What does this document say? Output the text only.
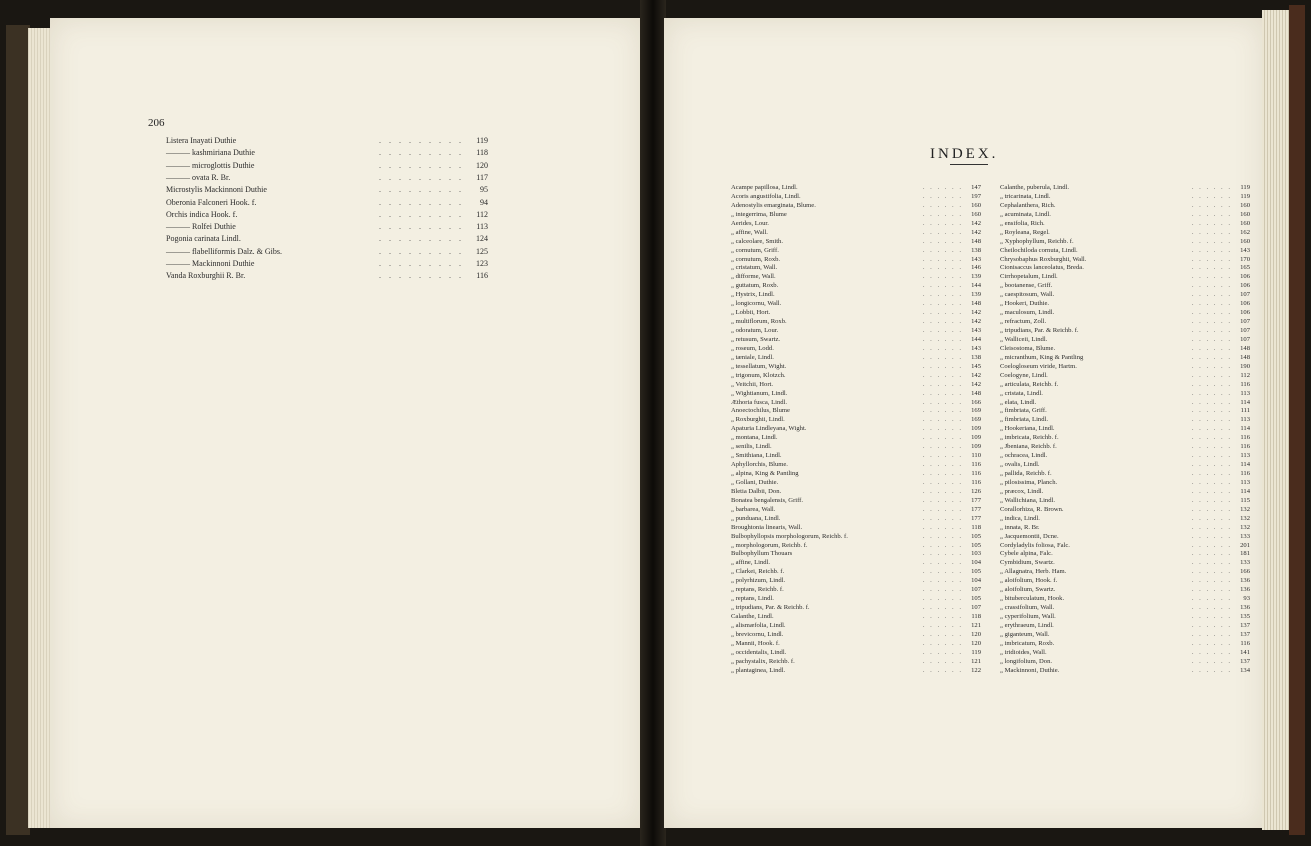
206
. . . . . . . . .
Listera Inayati Duthie	119
. . . . . . . . .
——— kashmiriana Duthie	118
. . . . . . . . .
——— microglottis Duthie	120
. . . . . . . . .
——— ovata R. Br.	117
. . . . . . . . .
Microstylis Mackinnoni Duthie	95
. . . . . . . . .
Oberonia Falconeri Hook. f.	94
. . . . . . . . .
Orchis indica Hook. f.	112
. . . . . . . . .
——— Rolfei Duthie	113
. . . . . . . . .
Pogonia carinata Lindl.	124
. . . . . . . . .
——— flabelliformis Dalz. & Gibs.	125
. . . . . . . . .
——— Mackinnoni Duthie	123
. . . . . . . . .
Vanda Roxburghii R. Br.	116
INDEX.
. . . . . .
Acampe papillosa, Lindl.	147
. . . . . .
Acoris angustifolia, Lindl.	197
. . . . . .
Adenostylis emarginata, Blume.	160
. . . . . .
„ integerrima, Blume	160
. . . . . .
Aerides, Lour.	142
. . . . . .
„ affine, Wall.	142
. . . . . .
„ calceolare, Smith.	148
. . . . . .
„ cornutum, Griff.	138
. . . . . .
„ cornutum, Roxb.	143
. . . . . .
„ cristatum, Wall.	146
. . . . . .
„ difforme, Wall.	139
. . . . . .
„ guttatum, Roxb.	144
. . . . . .
„ Hystrix, Lindl.	139
. . . . . .
„ longicornu, Wall.	148
. . . . . .
„ Lobbii, Hort.	142
. . . . . .
„ multiflorum, Roxb.	142
. . . . . .
„ odoratum, Lour.	143
. . . . . .
„ retusum, Swartz.	144
. . . . . .
„ roseum, Lodd.	143
. . . . . .
„ tæniale, Lindl.	138
. . . . . .
„ tessellatum, Wight.	145
. . . . . .
„ trigonum, Klotzch.	142
. . . . . .
„ Veitchii, Hort.	142
. . . . . .
„ Wightianum, Lindl.	148
. . . . . .
Æthoria fusca, Lindl.	166
. . . . . .
Anoectochilus, Blume	169
. . . . . .
„ Roxburghii, Lindl.	169
. . . . . .
Apaturia Lindleyana, Wight.	109
. . . . . .
„ montana, Lindl.	109
. . . . . .
„ senilis, Lindl.	109
. . . . . .
„ Smithiana, Lindl.	110
. . . . . .
Aphyllorchis, Blume.	116
. . . . . .
„ alpina, King & Pantling	116
. . . . . .
„ Gollani, Duthie.	116
. . . . . .
Bletia Dalbii, Don.	126
. . . . . .
Bonatea bengalensis, Griff.	177
. . . . . .
„ barbarea, Wall.	177
. . . . . .
„ punduana, Lindl.	177
. . . . . .
Broughtonia linearis, Wall.	118
. . . . . .
Bulbophyllopsis morphologorum, Reichb. f.	105
. . . . . .
„ morphologorum, Reichb. f.	105
. . . . . .
Bulbophyllum Thouars	103
. . . . . .
„ affine, Lindl.	104
. . . . . .
„ Clarkei, Reichb. f.	105
. . . . . .
„ polyrhizum, Lindl.	104
. . . . . .
„ reptans, Reichb. f.	107
. . . . . .
„ reptans, Lindl.	105
. . . . . .
„ tripudians, Par. & Reichb. f.	107
. . . . . .
Calanthe, Lindl.	118
. . . . . .
„ alismæfolia, Lindl.	121
. . . . . .
„ brevicornu, Lindl.	120
. . . . . .
„ Mannii, Hook. f.	120
. . . . . .
„ occidentalis, Lindl.	119
. . . . . .
„ pachystalix, Reichb. f.	121
. . . . . .
„ plantaginea, Lindl.	122
. . . . . .
Calanthe, puberula, Lindl.	119
. . . . . .
„ tricarinata, Lindl.	119
. . . . . .
Cephalanthera, Rich.	160
. . . . . .
„ acuminata, Lindl.	160
. . . . . .
„ ensifolia, Rich.	160
. . . . . .
„ Royleana, Regel.	162
. . . . . .
„ Xyphophyllum, Reichb. f.	160
. . . . . .
Cheilochiloda cornuta, Lindl.	143
. . . . . .
Chrysobaphus Roxburghii, Wall.	170
. . . . . .
Cionisaccus lanceolatus, Breda.	165
. . . . . .
Cirrhopetalum, Lindl.	106
. . . . . .
„ bootanense, Griff.	106
. . . . . .
„ caespitosum, Wall.	107
. . . . . .
„ Hookeri, Duthie.	106
. . . . . .
„ maculosum, Lindl.	106
. . . . . .
„ refractum, Zoll.	107
. . . . . .
„ tripudians, Par. & Reichb. f.	107
. . . . . .
„ Walliceii, Lindl.	107
. . . . . .
Cleisostoma, Blume.	148
. . . . . .
„ micranthum, King & Pantling	148
. . . . . .
Coelogloseum viride, Hartm.	190
. . . . . .
Coelogyne, Lindl.	112
. . . . . .
„ articulata, Reichb. f.	116
. . . . . .
„ cristata, Lindl.	113
. . . . . .
„ elata, Lindl.	114
. . . . . .
„ fimbriata, Griff.	111
. . . . . .
„ fimbriata, Lindl.	113
. . . . . .
„ Hookeriana, Lindl.	114
. . . . . .
„ imbricata, Reichb. f.	116
. . . . . .
„ Jbeniana, Reichb. f.	116
. . . . . .
„ ochracea, Lindl.	113
. . . . . .
„ ovalis, Lindl.	114
. . . . . .
„ pallida, Reichb. f.	116
. . . . . .
„ pilosissima, Planch.	113
. . . . . .
„ præcox, Lindl.	114
. . . . . .
„ Wallichiana, Lindl.	115
. . . . . .
Corallorhiza, R. Brown.	132
. . . . . .
„ indica, Lindl.	132
. . . . . .
„ innata, R. Br.	132
. . . . . .
„ Jacquemontii, Dcne.	133
. . . . . .
Cordyladylis foliosa, Falc.	201
. . . . . .
Cybele alpina, Falc.	181
. . . . . .
Cymbidium, Swartz.	133
. . . . . .
„ Allagnatra, Herb. Ham.	166
. . . . . .
„ aloifolium, Hook. f.	136
. . . . . .
„ aloifolium, Swartz.	136
. . . . . .
„ bituberculatum, Hook.	93
. . . . . .
„ crassifolium, Wall.	136
. . . . . .
„ cyperifolium, Wall.	135
. . . . . .
„ erythraeum, Lindl.	137
. . . . . .
„ giganteum, Wall.	137
. . . . . .
„ imbricatum, Roxb.	116
. . . . . .
„ iridioides, Wall.	141
. . . . . .
„ longifolium, Don.	137
. . . . . .
„ Mackinnoni, Duthie.	134
